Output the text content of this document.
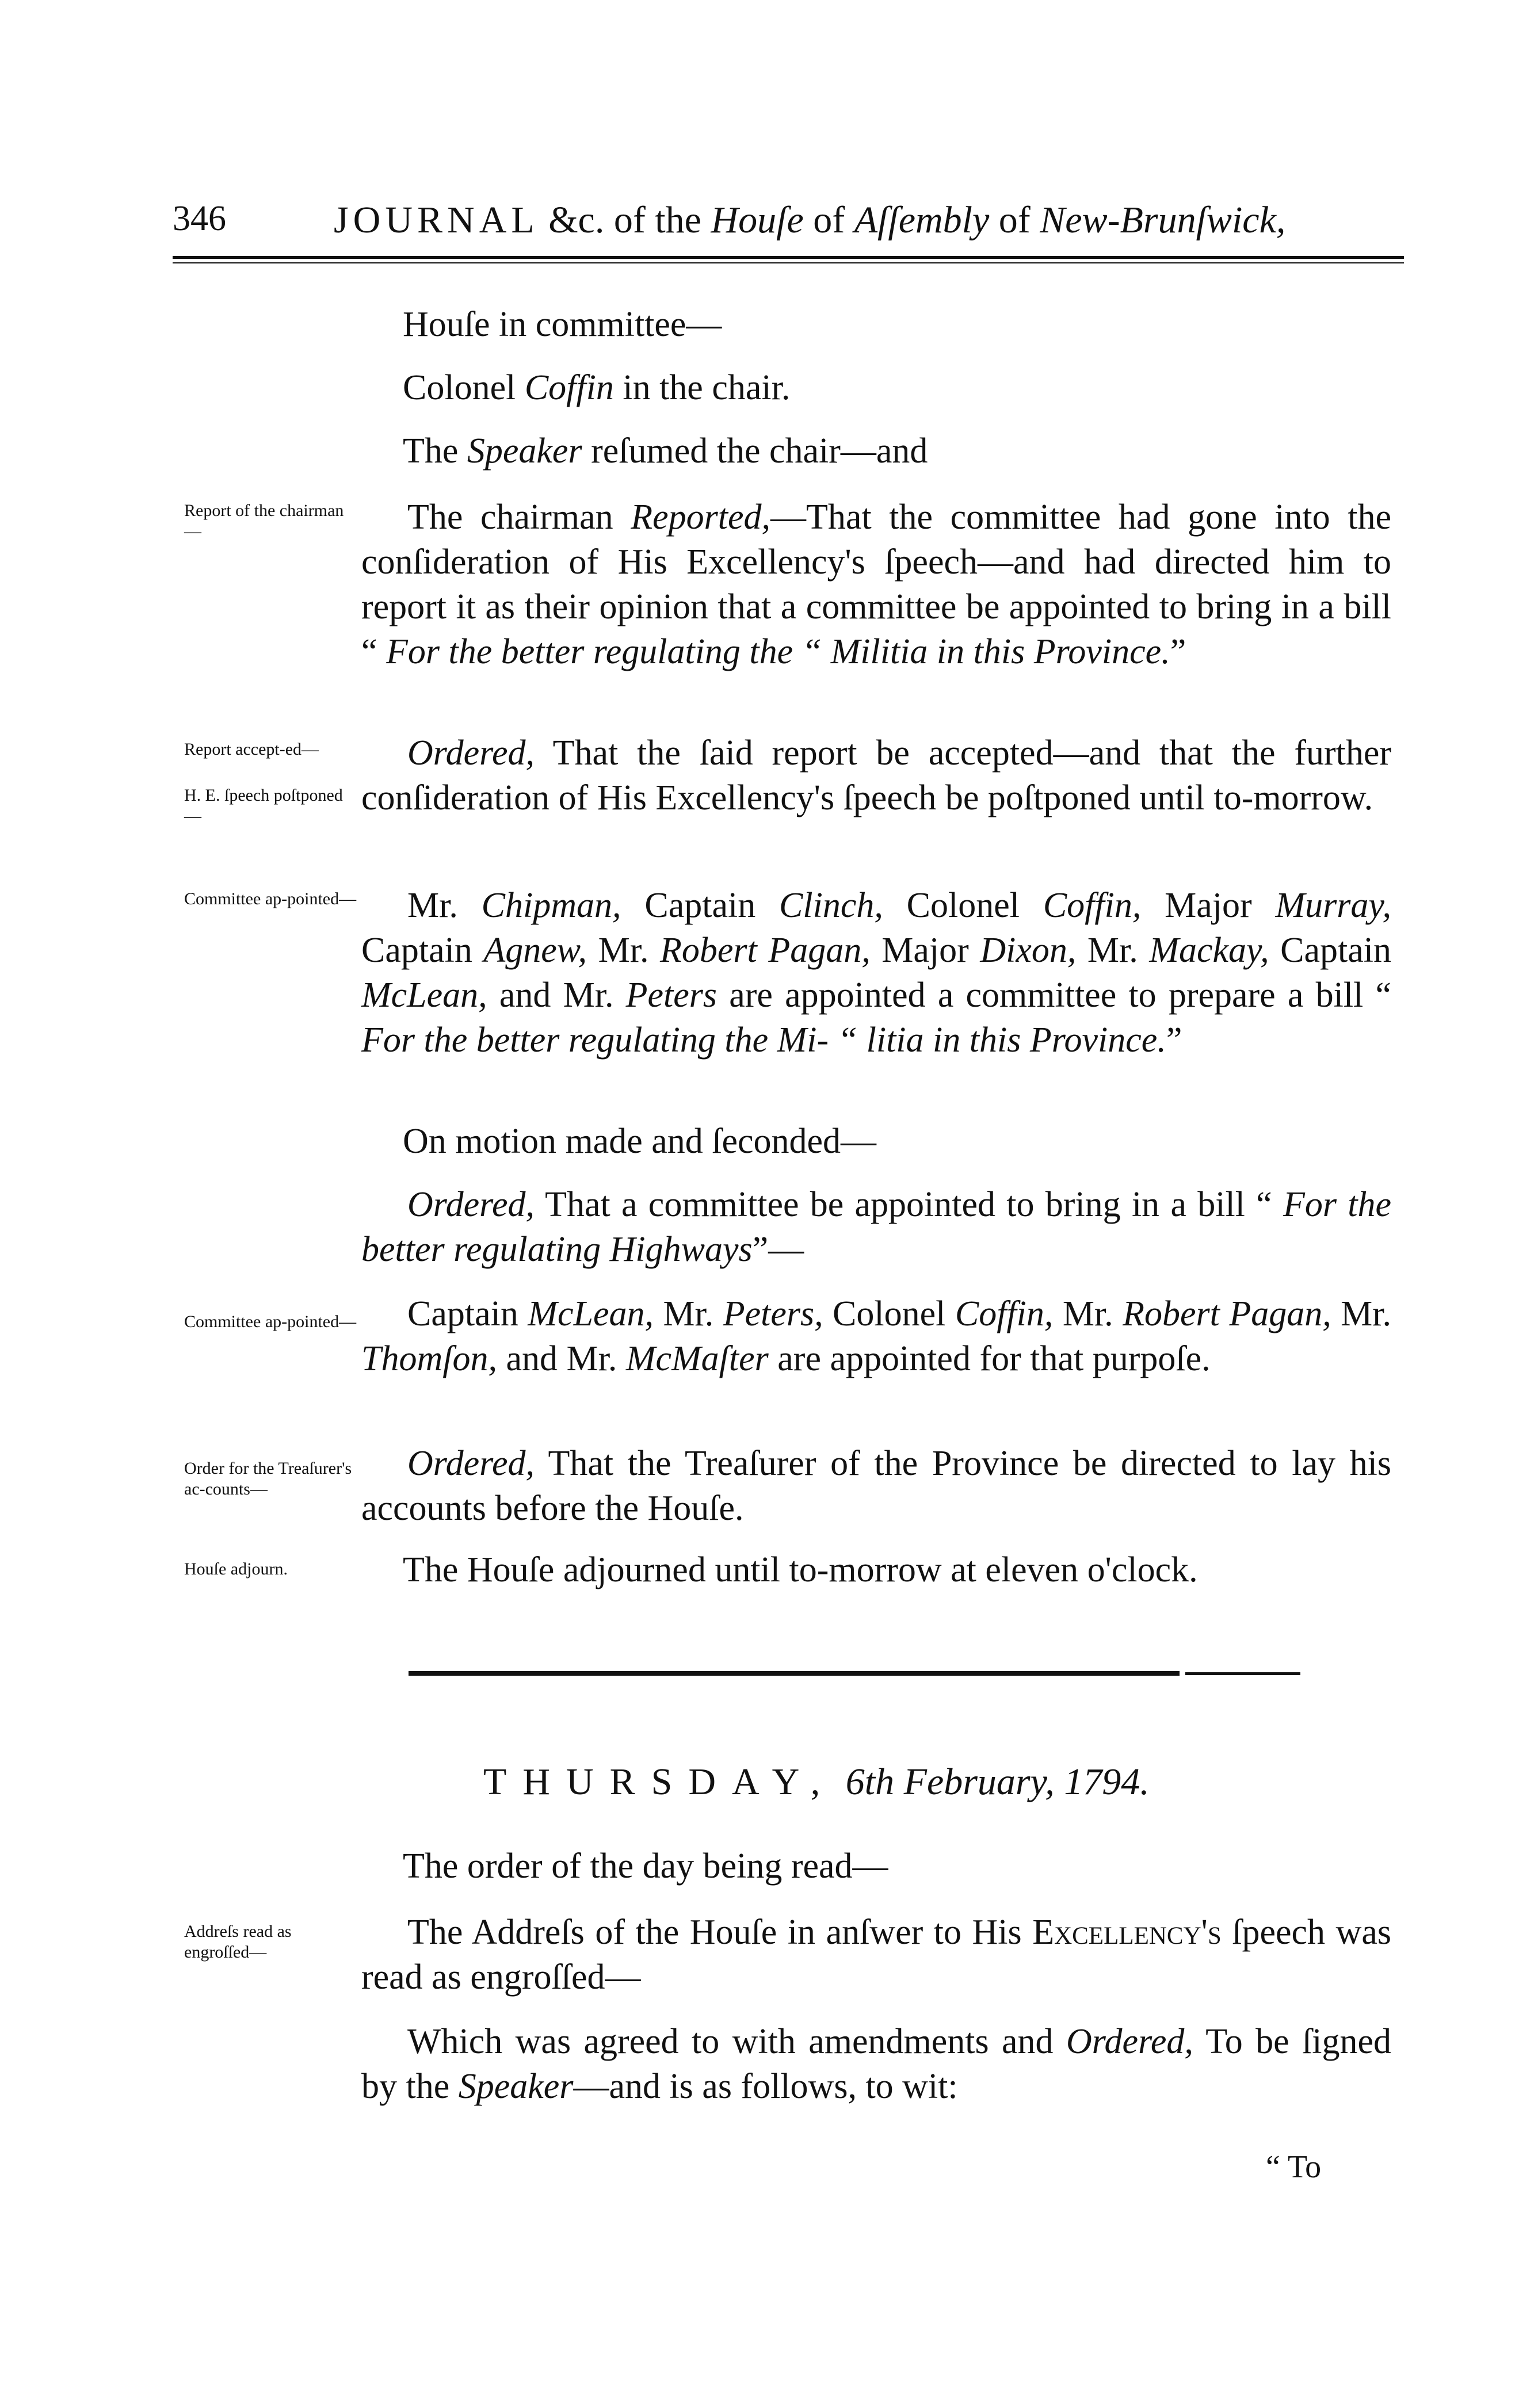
346	JOURNAL &c. of the Houſe of Aſſembly of New-Brunſwick,
Houſe in committee—
Colonel Coffin in the chair.
The Speaker reſumed the chair—and
Report of the chairman—	The chairman Reported,—That the committee had gone into the conſideration of His Excellency's ſpeech—and had directed him to report it as their opinion that a committee be appointed to bring in a bill “ For the better regulating the “ Militia in this Province.”
Report accept-ed—
H. E. ſpeech poſtponed—
Ordered, That the ſaid report be accepted—and that the further conſideration of His Excellency's ſpeech be poſtponed until to-morrow.
Committee ap-pointed—	Mr. Chipman, Captain Clinch, Colonel Coffin, Major Murray, Captain Agnew, Mr. Robert Pagan, Major Dixon, Mr. Mackay, Captain McLean, and Mr. Peters are appointed a committee to prepare a bill “ For the better regulating the Mi- “ litia in this Province.”
On motion made and ſeconded—
Ordered, That a committee be appointed to bring in a bill “ For the better regulating Highways”—
Committee ap-pointed—	Captain McLean, Mr. Peters, Colonel Coffin, Mr. Robert Pagan, Mr. Thomſon, and Mr. McMaſter are appointed for that purpoſe.
Order for the Treaſurer's ac-counts—
Ordered, That the Treaſurer of the Province be directed to lay his accounts before the Houſe.
Houſe adjourn.	The Houſe adjourned until to-morrow at eleven o'clock.
THURSDAY, 6th February, 1794.
The order of the day being read—
Addreſs read as engroſſed—
The Addreſs of the Houſe in anſwer to His Excellency's ſpeech was read as engroſſed—
Which was agreed to with amendments and Ordered, To be ſigned by the Speaker—and is as follows, to wit:
“ To
